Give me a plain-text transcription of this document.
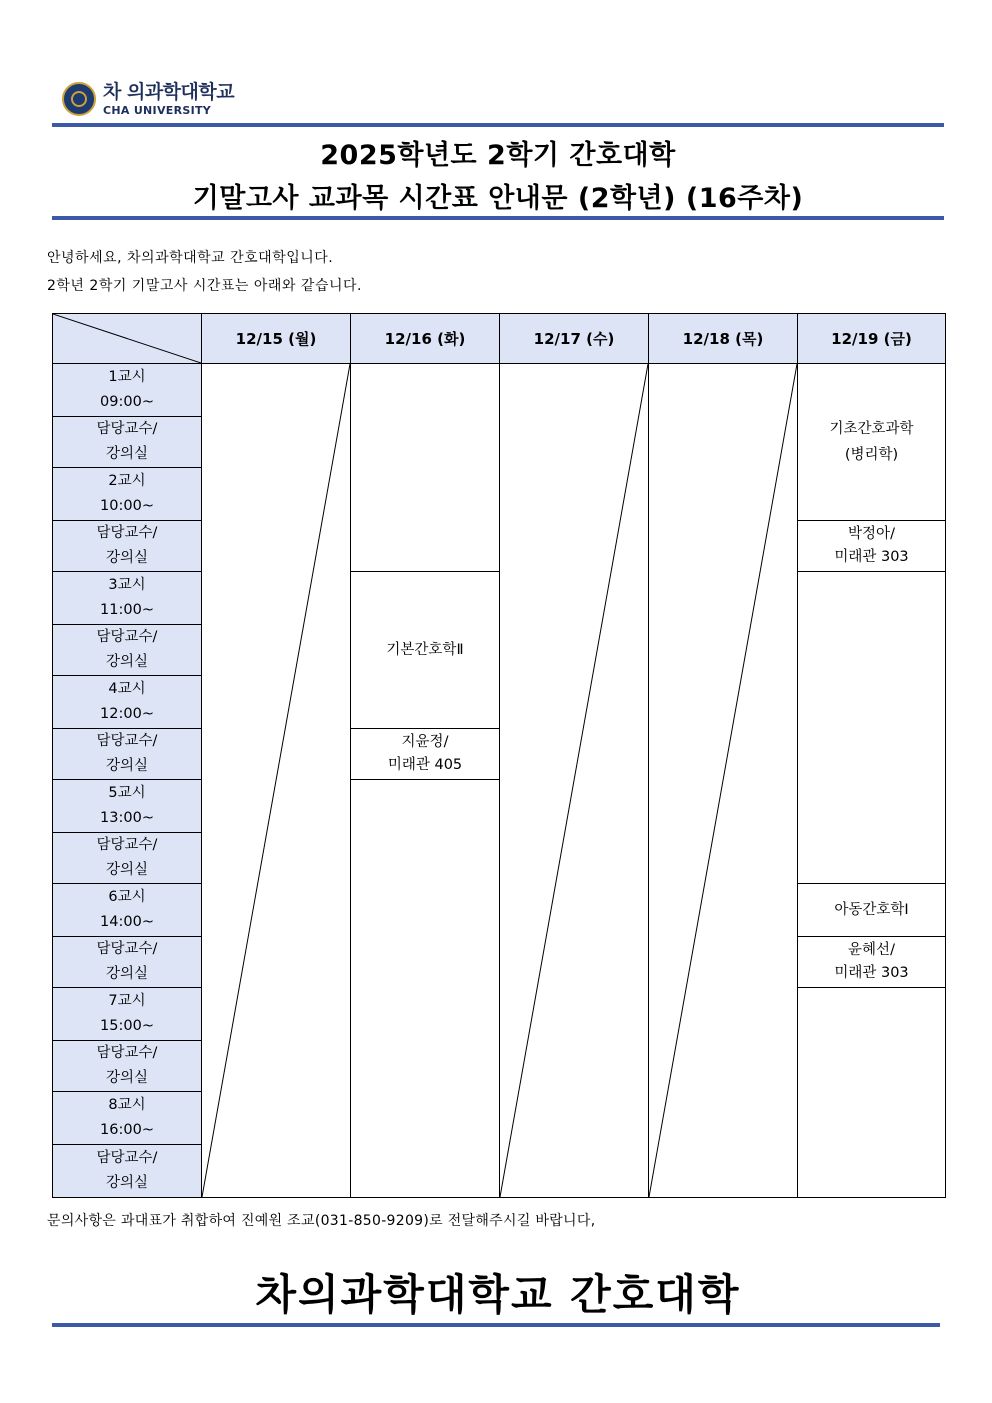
차 의과학대학교
CHA UNIVERSITY
2025학년도 2학기 간호대학
기말고사 교과목 시간표 안내문 (2학년) (16주차)
안녕하세요, 차의과학대학교 간호대학입니다.
2학년 2학기 기말고사 시간표는 아래와 같습니다.
	12/15 (월)	12/16 (화)	12/17 (수)	12/18 (목)	12/19 (금)
1교시
09:00~					기초간호과학
(병리학)
담당교수/
강의실					
2교시
10:00~					
담당교수/
강의실					박정아/
미래관 303
3교시
11:00~		기본간호학Ⅱ			
담당교수/
강의실					
4교시
12:00~					
담당교수/
강의실		지윤정/
미래관 405			
5교시
13:00~					
담당교수/
강의실					
6교시
14:00~					아동간호학Ⅰ
담당교수/
강의실					윤혜선/
미래관 303
7교시
15:00~					
담당교수/
강의실					
8교시
16:00~					
담당교수/
강의실					
문의사항은 과대표가 취합하여 진예원 조교(031-850-9209)로 전달해주시길 바랍니다,
차의과학대학교 간호대학
